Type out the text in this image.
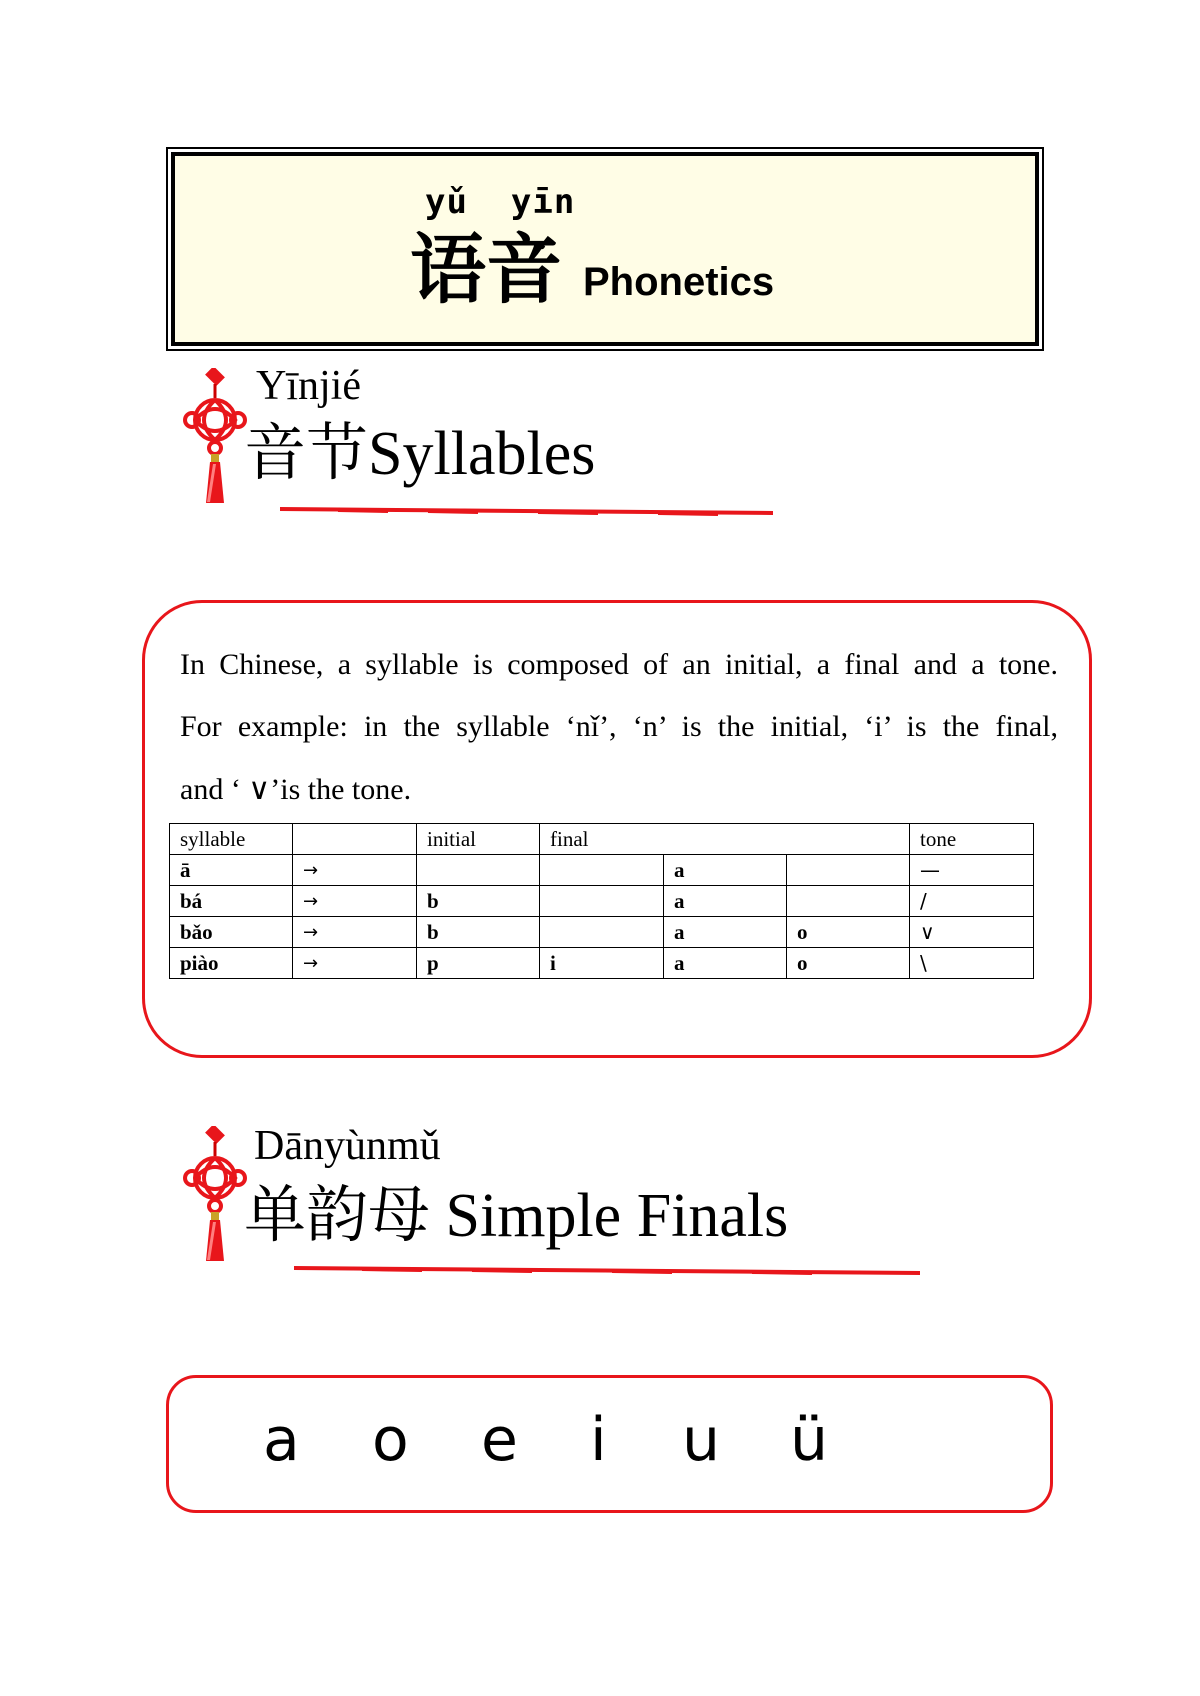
yǔ  yīn
语音 Phonetics
Yīnjié
音节Syllables
In Chinese, a syllable is composed of an initial, a final and a tone.
For example: in the syllable ‘nǐ’, ‘n’ is the initial, ‘i’ is the final,
and ‘ ∨’is the tone.
syllable		initial	final			tone
ā	→			a		—
bá	→	b		a		/
bǎo	→	b		a	o	∨
piào	→	p	i	a	o	\
Dānyùnmǔ
单韵母 Simple Finals
a o e i u ü
